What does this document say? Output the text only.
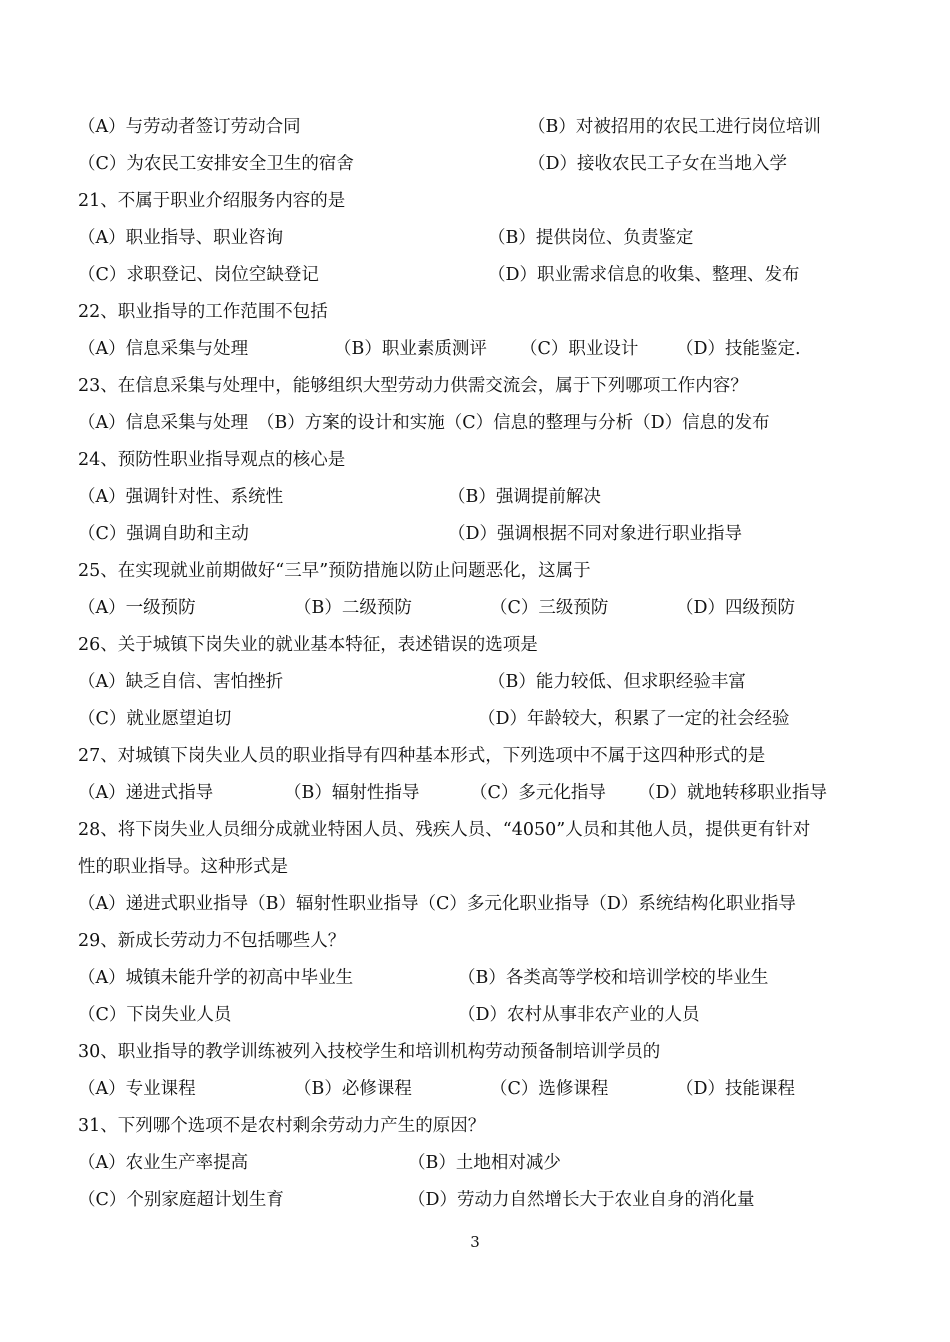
（A）与劳动者签订劳动合同	（B）对被招用的农民工进行岗位培训
（C）为农民工安排安全卫生的宿舍	（D）接收农民工子女在当地入学
21、不属于职业介绍服务内容的是
（A）职业指导、职业咨询	（B）提供岗位、负责鉴定
（C）求职登记、岗位空缺登记	（D）职业需求信息的收集、整理、发布
22、职业指导的工作范围不包括
（A）信息采集与处理	（B）职业素质测评 （C）职业设计 （D）技能鉴定.
23、在信息采集与处理中，能够组织大型劳动力供需交流会，属于下列哪项工作内容？
（A）信息采集与处理　（B）方案的设计和实施（C）信息的整理与分析（D）信息的发布
24、预防性职业指导观点的核心是
（A）强调针对性、系统性	（B）强调提前解决
（C）强调自助和主动	（D）强调根据不同对象进行职业指导
25、在实现就业前期做好“三早”预防措施以防止问题恶化，这属于
（A）一级预防	（B）二级预防	（C）三级预防	（D）四级预防
26、关于城镇下岗失业的就业基本特征，表述错误的选项是
（A）缺乏自信、害怕挫折	（B）能力较低、但求职经验丰富
（C）就业愿望迫切	（D）年龄较大，积累了一定的社会经验
27、对城镇下岗失业人员的职业指导有四种基本形式，下列选项中不属于这四种形式的是
（A）递进式指导	（B）辐射性指导	（C）多元化指导 （D）就地转移职业指导
28、将下岗失业人员细分成就业特困人员、残疾人员、“4050”人员和其他人员，提供更有针对
性的职业指导。这种形式是
（A）递进式职业指导（B）辐射性职业指导（C）多元化职业指导（D）系统结构化职业指导
29、新成长劳动力不包括哪些人？
（A）城镇未能升学的初高中毕业生	（B）各类高等学校和培训学校的毕业生
（C）下岗失业人员	（D）农村从事非农产业的人员
30、职业指导的教学训练被列入技校学生和培训机构劳动预备制培训学员的
（A）专业课程	（B）必修课程	（C）选修课程	（D）技能课程
31、下列哪个选项不是农村剩余劳动力产生的原因？
（A）农业生产率提高	（B）土地相对减少
（C）个别家庭超计划生育	（D）劳动力自然增长大于农业自身的消化量
3
